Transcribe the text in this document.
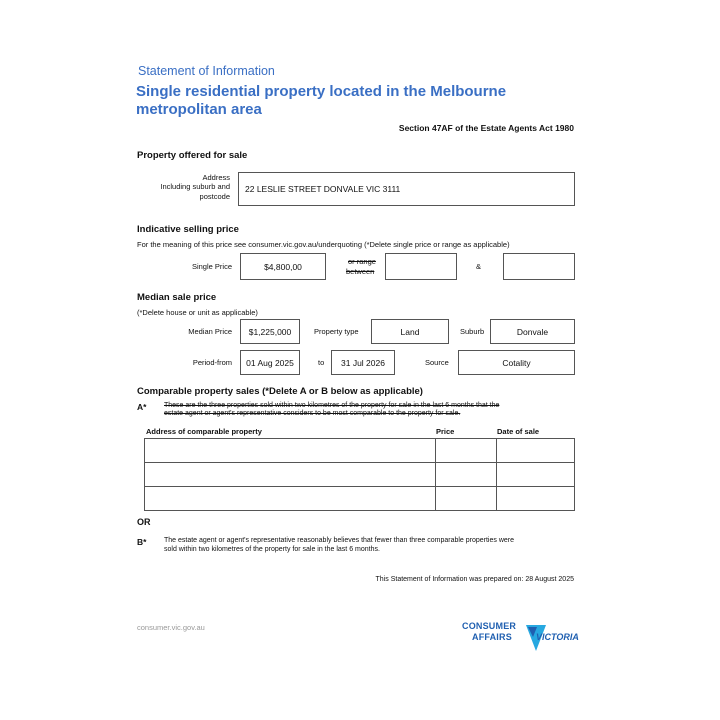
Statement of Information
Single residential property located in the Melbourne
metropolitan area
Section 47AF of the Estate Agents Act 1980
Property offered for sale
Address
Including suburb and
postcode
22 LESLIE STREET DONVALE VIC 3111
Indicative selling price
For the meaning of this price see consumer.vic.gov.au/underquoting (*Delete single price or range as applicable)
Single Price	$4,800,00	or range
between
&
Median sale price
(*Delete house or unit as applicable)
Median Price $1,225,000	Property type	Land	Suburb	Donvale
Period-from 01 Aug 2025	to 31 Jul 2026	Source	Cotality
Comparable property sales (*Delete A or B below as applicable)
A*	These are the three properties sold within two kilometres of the property for sale in the last 6 months that the
estate agent or agent's representative considers to be most comparable to the property for sale.
Address of comparable property	Price	Date of sale

OR
B*	The estate agent or agent's representative reasonably believes that fewer than three comparable properties were
sold within two kilometres of the property for sale in the last 6 months.
This Statement of Information was prepared on: 28 August 2025
consumer.vic.gov.au	CONSUMER
AFFAIRS	VICTORIA
